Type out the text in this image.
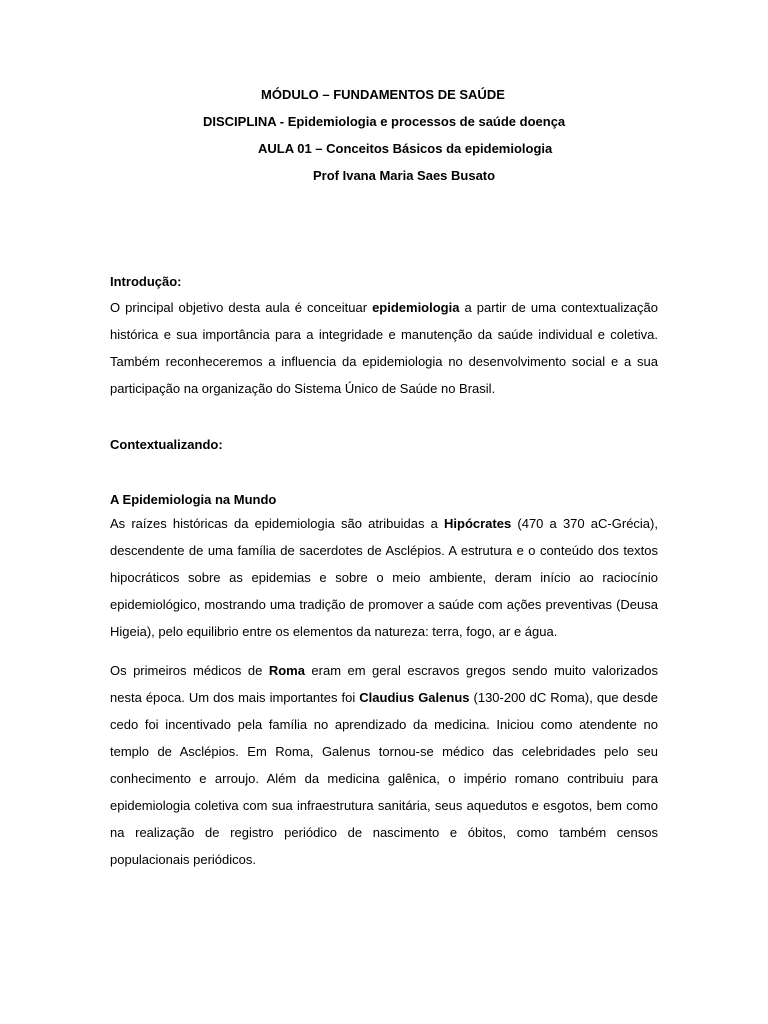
MÓDULO – FUNDAMENTOS DE SAÚDE

DISCIPLINA - Epidemiologia e processos de saúde doença

AULA 01 – Conceitos Básicos da epidemiologia

Prof Ivana Maria Saes Busato

Introdução:

O principal objetivo desta aula é conceituar epidemiologia a partir de uma contextualização histórica e sua importância para a integridade e manutenção da saúde individual e coletiva. Também reconheceremos a influencia da epidemiologia no desenvolvimento social e a sua participação na organização do Sistema Único de Saúde no Brasil.

Contextualizando:

A Epidemiologia na Mundo

As raízes históricas da epidemiologia são atribuidas a Hipócrates (470 a 370 aC-Grécia), descendente de uma família de sacerdotes de Asclépios. A estrutura e o conteúdo dos textos hipocráticos sobre as epidemias e sobre o meio ambiente, deram início ao raciocínio epidemiológico, mostrando uma tradição de promover a saúde com ações preventivas (Deusa Higeia), pelo equilibrio entre os elementos da natureza: terra, fogo, ar e água.

Os primeiros médicos de Roma eram em geral escravos gregos sendo muito valorizados nesta época. Um dos mais importantes foi Claudius Galenus (130-200 dC Roma), que desde cedo foi incentivado pela família no aprendizado da medicina. Iniciou como atendente no templo de Asclépios. Em Roma, Galenus tornou-se médico das celebridades pelo seu conhecimento e arroujo. Além da medicina galênica, o império romano contribuiu para epidemiologia coletiva com sua infraestrutura sanitária, seus aquedutos e esgotos, bem como na realização de registro periódico de nascimento e óbitos, como também censos populacionais periódicos.
